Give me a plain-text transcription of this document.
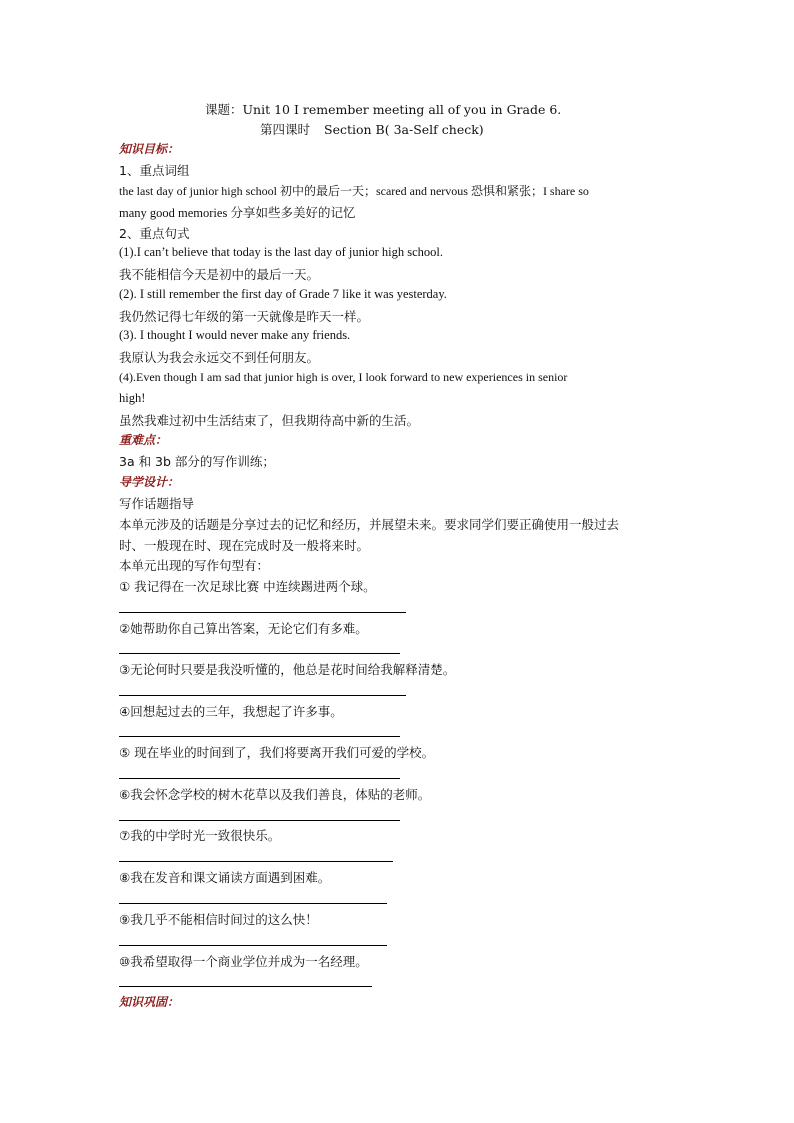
课题：Unit 10 I remember meeting all of you in Grade 6.
第四课时 Section B( 3a-Self check)
知识目标：
1、重点词组
the last day of junior high school 初中的最后一天；scared and nervous 恐惧和紧张；I share so
many good memories 分享如些多美好的记忆
2、重点句式
(1).I can’t believe that today is the last day of junior high school.
我不能相信今天是初中的最后一天。
(2). I still remember the first day of Grade 7 like it was yesterday.
我仍然记得七年级的第一天就像是昨天一样。
(3). I thought I would never make any friends.
我原认为我会永远交不到任何朋友。
(4).Even though I am sad that junior high is over, I look forward to new experiences in senior
high!
虽然我难过初中生活结束了，但我期待高中新的生活。
重难点：
3a 和 3b 部分的写作训练；
导学设计：
写作话题指导
本单元涉及的话题是分享过去的记忆和经历，并展望未来。要求同学们要正确使用一般过去
时、一般现在时、现在完成时及一般将来时。
本单元出现的写作句型有：
① 我记得在一次足球比赛 中连续踢进两个球。
②她帮助你自己算出答案，无论它们有多难。
③无论何时只要是我没听懂的，他总是花时间给我解释清楚。
④回想起过去的三年，我想起了许多事。
⑤ 现在毕业的时间到了，我们将要离开我们可爱的学校。
⑥我会怀念学校的树木花草以及我们善良，体贴的老师。
⑦我的中学时光一致很快乐。
⑧我在发音和课文诵读方面遇到困难。
⑨我几乎不能相信时间过的这么快！
⑩我希望取得一个商业学位并成为一名经理。
知识巩固：
